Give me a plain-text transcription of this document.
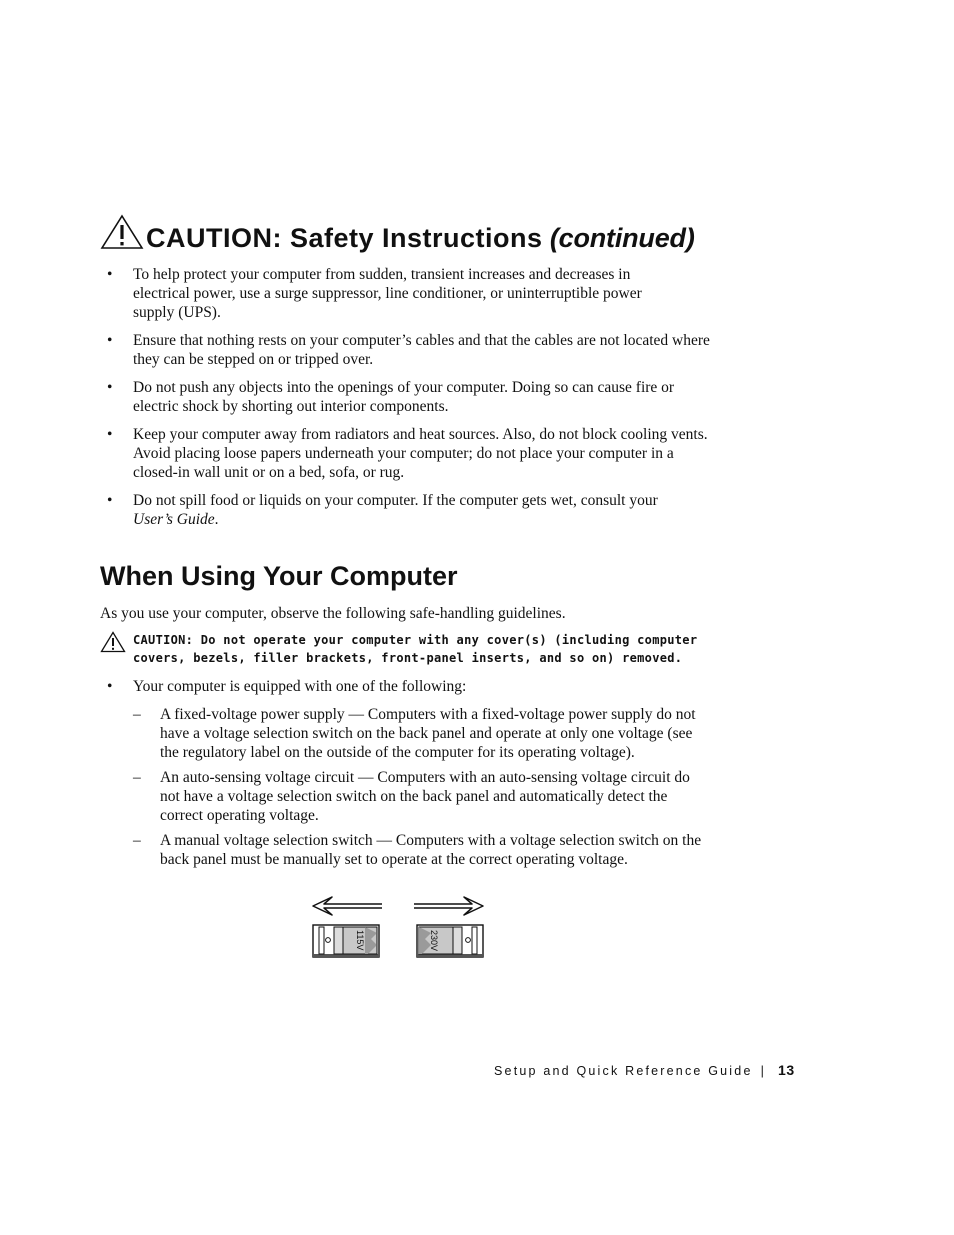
CAUTION: Safety Instructions (continued)
• To help protect your computer from sudden, transient increases and decreases in electrical power, use a surge suppressor, line conditioner, or uninterruptible power supply (UPS).
• Ensure that nothing rests on your computer’s cables and that the cables are not located where they can be stepped on or tripped over.
• Do not push any objects into the openings of your computer. Doing so can cause fire or electric shock by shorting out interior components.
• Keep your computer away from radiators and heat sources. Also, do not block cooling vents. Avoid placing loose papers underneath your computer; do not place your computer in a closed-in wall unit or on a bed, sofa, or rug.
• Do not spill food or liquids on your computer. If the computer gets wet, consult your
User’s Guide.
When Using Your Computer

As you use your computer, observe the following safe-handling guidelines.

CAUTION: Do not operate your computer with any cover(s) (including computer covers, bezels, filler brackets, front-panel inserts, and so on) removed.

• Your computer is equipped with one of the following:
– A fixed-voltage power supply — Computers with a fixed-voltage power supply do not have a voltage selection switch on the back panel and operate at only one voltage (see the regulatory label on the outside of the computer for its operating voltage).
– An auto-sensing voltage circuit — Computers with an auto-sensing voltage circuit do not have a voltage selection switch on the back panel and automatically detect the correct operating voltage.
– A manual voltage selection switch — Computers with a voltage selection switch on the back panel must be manually set to operate at the correct operating voltage.
115V	230V
Setup and Quick Reference Guide | 13
